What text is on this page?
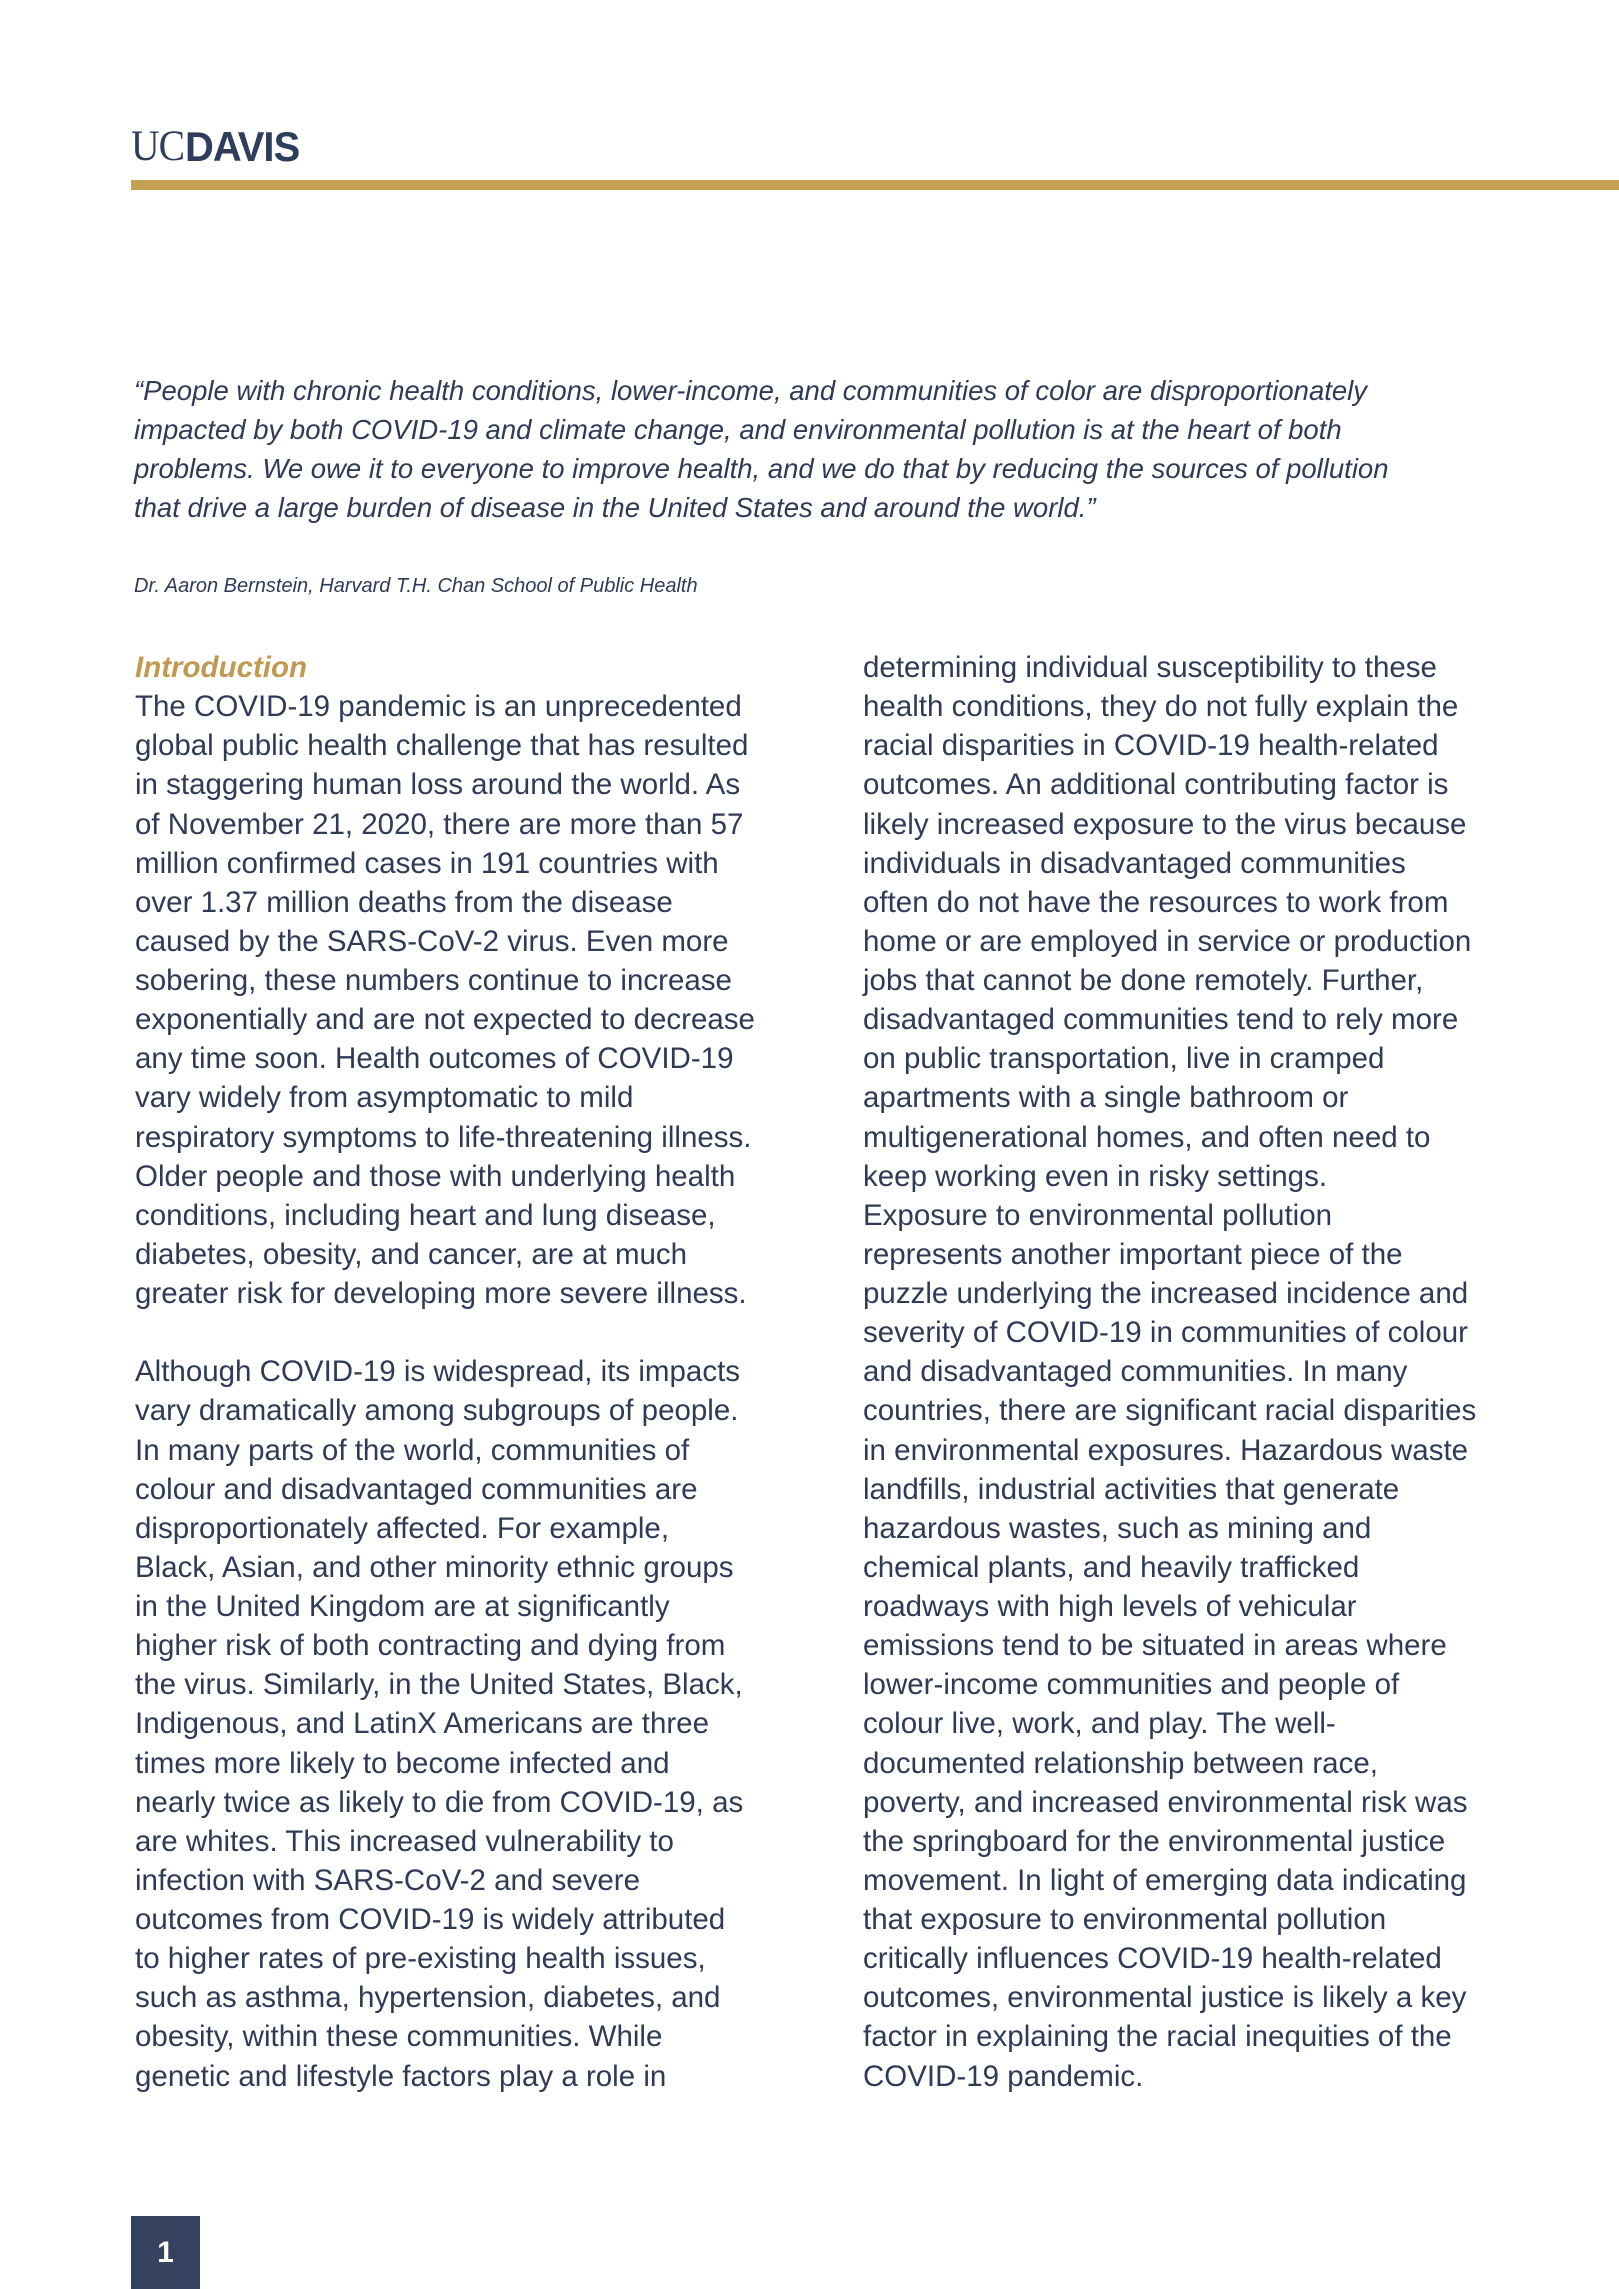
UC DAVIS
“People with chronic health conditions, lower-income, and communities of color are disproportionately
impacted by both COVID-19 and climate change, and environmental pollution is at the heart of both
problems. We owe it to everyone to improve health, and we do that by reducing the sources of pollution
that drive a large burden of disease in the United States and around the world.”
Dr. Aaron Bernstein, Harvard T.H. Chan School of Public Health
Introduction
The COVID-19 pandemic is an unprecedented
global public health challenge that has resulted
in staggering human loss around the world. As
of November 21, 2020, there are more than 57
million confirmed cases in 191 countries with
over 1.37 million deaths from the disease
caused by the SARS-CoV-2 virus. Even more
sobering, these numbers continue to increase
exponentially and are not expected to decrease
any time soon. Health outcomes of COVID-19
vary widely from asymptomatic to mild
respiratory symptoms to life-threatening illness.
Older people and those with underlying health
conditions, including heart and lung disease,
diabetes, obesity, and cancer, are at much
greater risk for developing more severe illness.
Although COVID-19 is widespread, its impacts
vary dramatically among subgroups of people.
In many parts of the world, communities of
colour and disadvantaged communities are
disproportionately affected. For example,
Black, Asian, and other minority ethnic groups
in the United Kingdom are at significantly
higher risk of both contracting and dying from
the virus. Similarly, in the United States, Black,
Indigenous, and LatinX Americans are three
times more likely to become infected and
nearly twice as likely to die from COVID-19, as
are whites. This increased vulnerability to
infection with SARS-CoV-2 and severe
outcomes from COVID-19 is widely attributed
to higher rates of pre-existing health issues,
such as asthma, hypertension, diabetes, and
obesity, within these communities. While
genetic and lifestyle factors play a role in
determining individual susceptibility to these
health conditions, they do not fully explain the
racial disparities in COVID-19 health-related
outcomes. An additional contributing factor is
likely increased exposure to the virus because
individuals in disadvantaged communities
often do not have the resources to work from
home or are employed in service or production
jobs that cannot be done remotely. Further,
disadvantaged communities tend to rely more
on public transportation, live in cramped
apartments with a single bathroom or
multigenerational homes, and often need to
keep working even in risky settings.
Exposure to environmental pollution
represents another important piece of the
puzzle underlying the increased incidence and
severity of COVID-19 in communities of colour
and disadvantaged communities. In many
countries, there are significant racial disparities
in environmental exposures. Hazardous waste
landfills, industrial activities that generate
hazardous wastes, such as mining and
chemical plants, and heavily trafficked
roadways with high levels of vehicular
emissions tend to be situated in areas where
lower-income communities and people of
colour live, work, and play. The well-
documented relationship between race,
poverty, and increased environmental risk was
the springboard for the environmental justice
movement. In light of emerging data indicating
that exposure to environmental pollution
critically influences COVID-19 health-related
outcomes, environmental justice is likely a key
factor in explaining the racial inequities of the
COVID-19 pandemic.
1
